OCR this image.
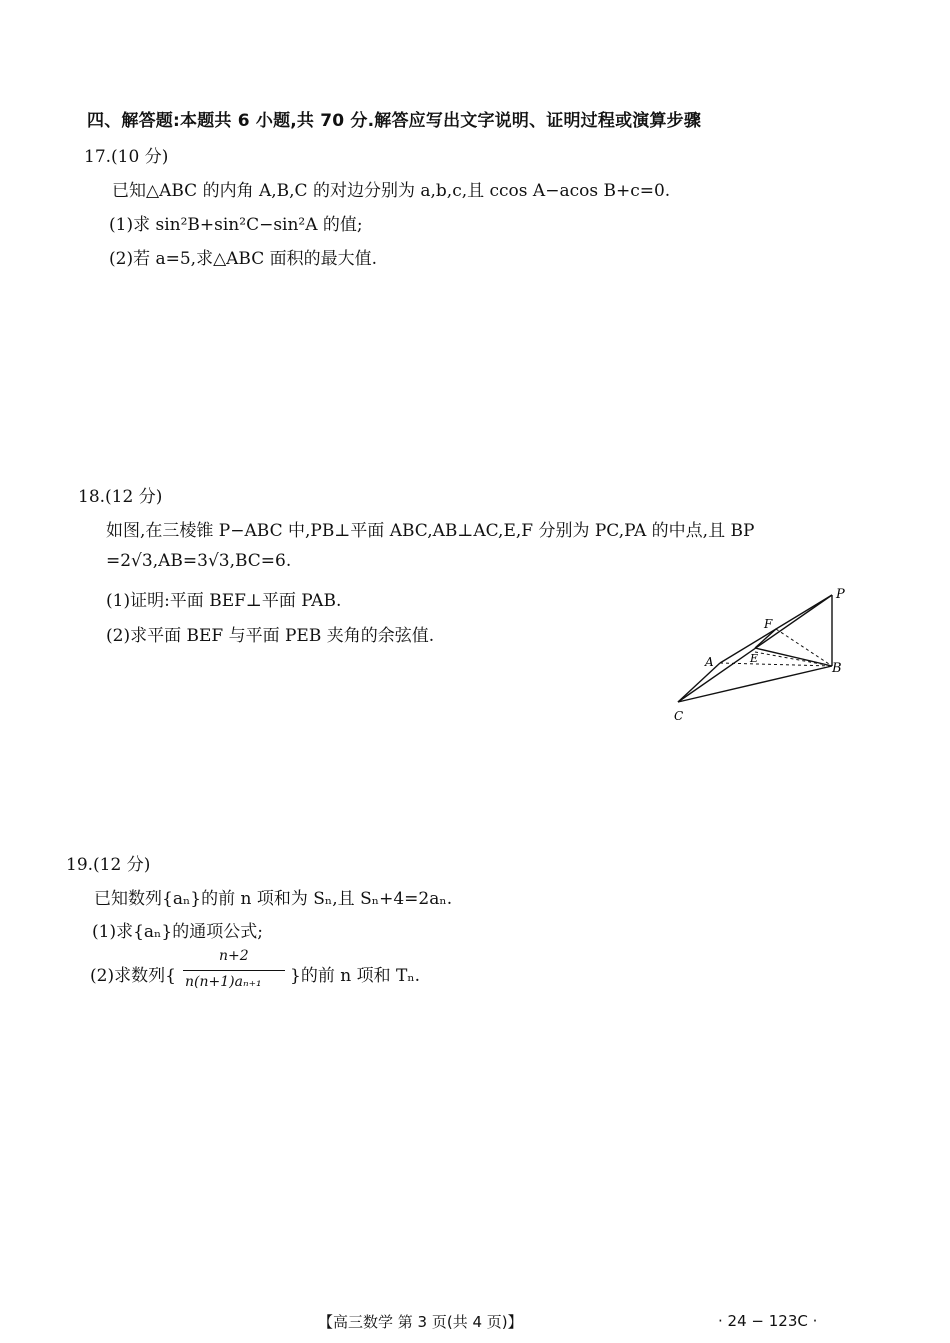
四、解答题:本题共 6 小题,共 70 分.解答应写出文字说明、证明过程或演算步骤
17.(10 分)
已知△ABC 的内角 A,B,C 的对边分别为 a,b,c,且 ccos A−acos B+c=0.
(1)求 sin²B+sin²C−sin²A 的值;
(2)若 a=5,求△ABC 面积的最大值.
18.(12 分)
如图,在三棱锥 P−ABC 中,PB⊥平面 ABC,AB⊥AC,E,F 分别为 PC,PA 的中点,且 BP
=2√3,AB=3√3,BC=6.
(1)证明:平面 BEF⊥平面 PAB.
(2)求平面 BEF 与平面 PEB 夹角的余弦值.
P
F
A	E
B
C
19.(12 分)
已知数列{aₙ}的前 n 项和为 Sₙ,且 Sₙ+4=2aₙ.
(1)求{aₙ}的通项公式;
(2)求数列{
n+2
n(n+1)aₙ₊₁ }的前 n 项和 Tₙ.
【高三数学 第 3 页(共 4 页)】	· 24 − 123C ·
